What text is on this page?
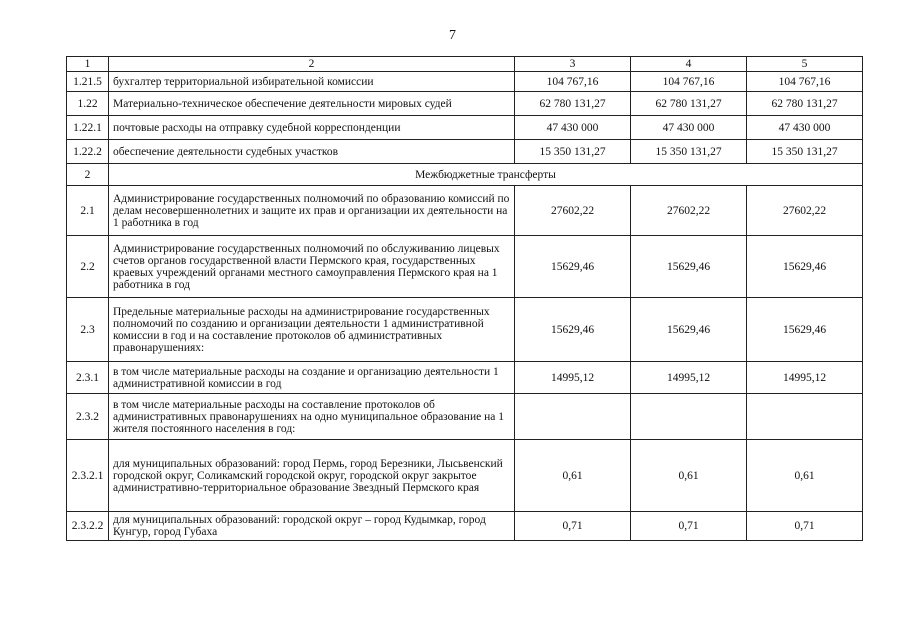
7
1	2	3	4	5
1.21.5	бухгалтер территориальной избирательной комиссии	104 767,16	104 767,16	104 767,16
1.22	Материально-техническое обеспечение деятельности мировых судей	62 780 131,27	62 780 131,27	62 780 131,27
1.22.1	почтовые расходы на отправку судебной корреспонденции	47 430 000	47 430 000	47 430 000
1.22.2	обеспечение деятельности судебных участков	15 350 131,27	15 350 131,27	15 350 131,27
2	Межбюджетные трансферты			
2.1	Администрирование государственных полномочий по образованию комиссий по делам несовершеннолетних и защите их прав и организации их деятельности на 1 работника в год	27602,22	27602,22	27602,22
2.2	Администрирование государственных полномочий по обслуживанию лицевых счетов органов государственной власти Пермского края, государственных краевых учреждений органами местного самоуправления Пермского края на 1 работника в год	15629,46	15629,46	15629,46
2.3	Предельные материальные расходы на администрирование государственных полномочий по созданию и организации деятельности 1 административной комиссии в год и на составление протоколов об административных правонарушениях:	15629,46	15629,46	15629,46
2.3.1	в том числе материальные расходы на создание и организацию деятельности 1 административной комиссии в год	14995,12	14995,12	14995,12
2.3.2	в том числе материальные расходы на составление протоколов об административных правонарушениях на одно муниципальное образование на 1 жителя постоянного населения в год:			
2.3.2.1	для муниципальных образований: город Пермь, город Березники, Лысьвенский городской округ, Соликамский городской округ, городской округ закрытое административно-территориальное образование Звездный Пермского края	0,61	0,61	0,61
2.3.2.2	для муниципальных образований: городской округ – город Кудымкар, город Кунгур, город Губаха	0,71	0,71	0,71
